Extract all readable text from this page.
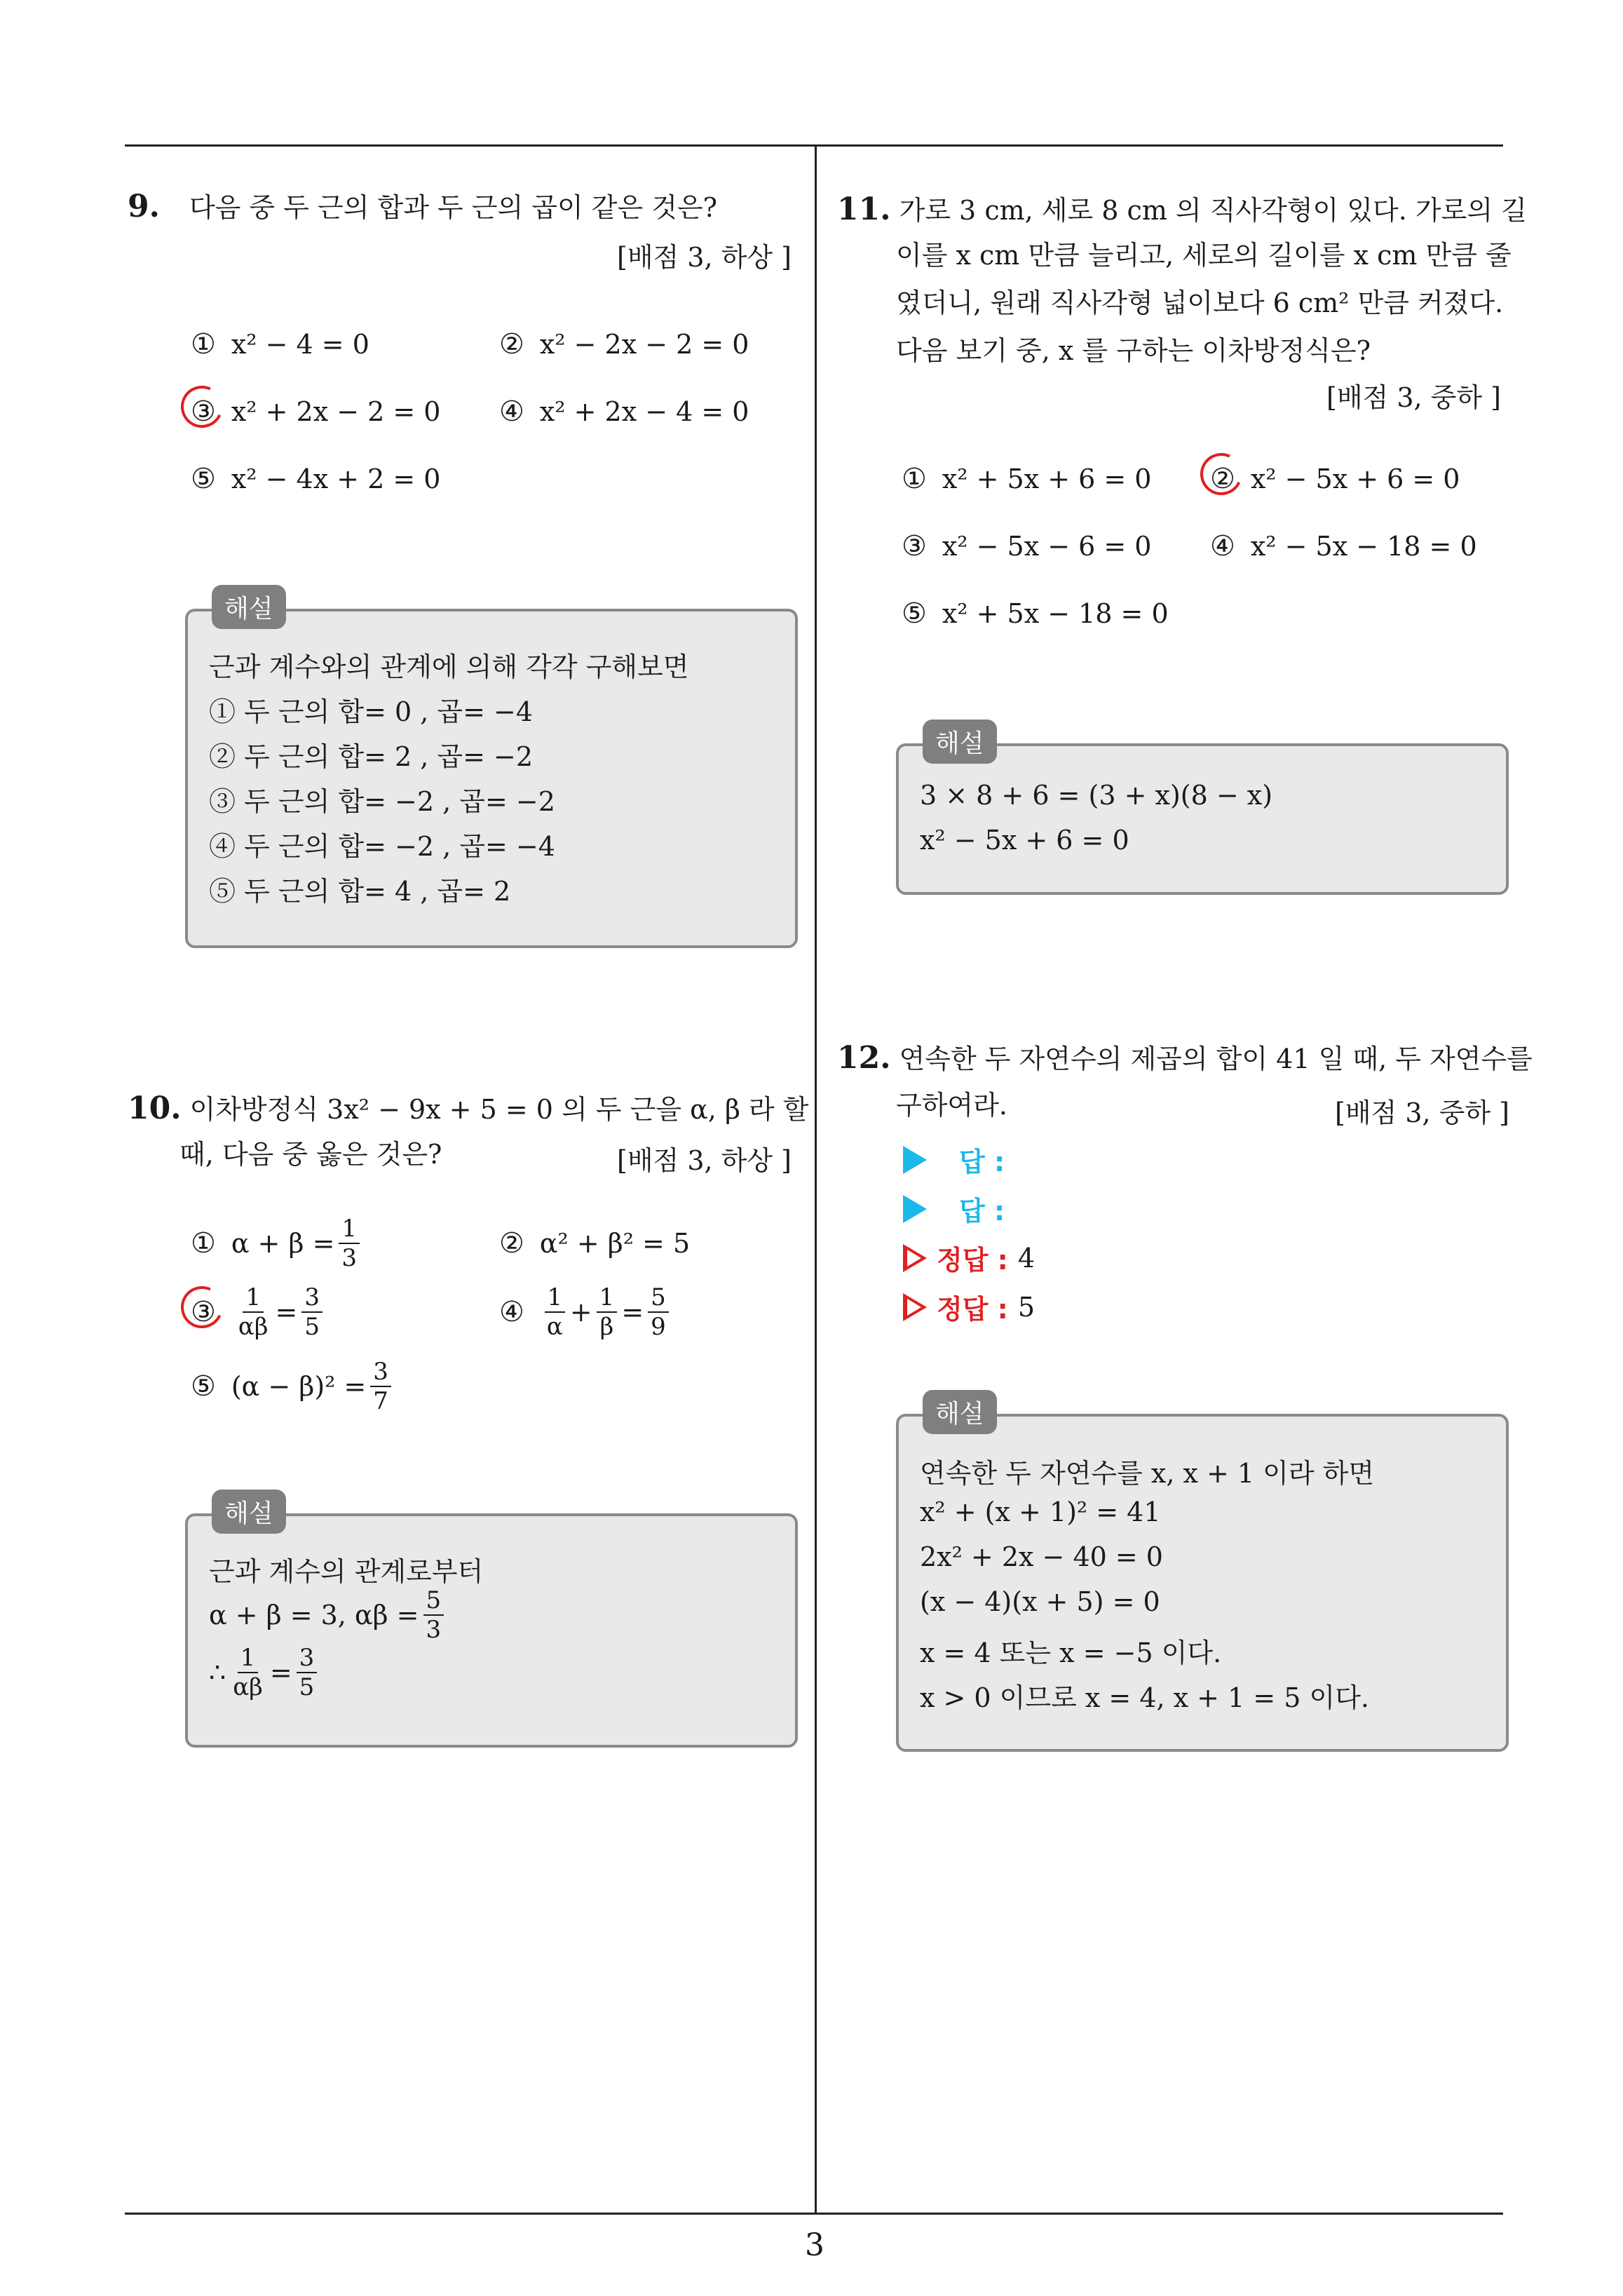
9. 다음 중 두 근의 합과 두 근의 곱이 같은 것은?
[배점 3, 하상 ]
① x² − 4 = 0	② x² − 2x − 2 = 0
③ x² + 2x − 2 = 0 ④ x² + 2x − 4 = 0
⑤ x² − 4x + 2 = 0
해설
근과 계수와의 관계에 의해 각각 구해보면
① 두 근의 합= 0 , 곱= −4
② 두 근의 합= 2 , 곱= −2
③ 두 근의 합= −2 , 곱= −2
④ 두 근의 합= −2 , 곱= −4
⑤ 두 근의 합= 4 , 곱= 2
10. 이차방정식 3x² − 9x + 5 = 0 의 두 근을 α, β 라 할
때, 다음 중 옳은 것은?	[배점 3, 하상 ]
① $\alpha + \beta = \frac{1}{3}$	② α² + β² = 5
③ $\frac{1}{\alpha\beta} = \frac{3}{5}$	④ $\frac{1}{\alpha} + \frac{1}{\beta} = \frac{5}{9}$
⑤ $(\alpha - \beta)^2 = \frac{3}{7}$
해설
근과 계수의 관계로부터
α + β = 3, $\alpha\beta = \frac{5}{3}$
∴ $\frac{1}{\alpha\beta} = \frac{3}{5}$
11. 가로 3 cm, 세로 8 cm 의 직사각형이 있다. 가로의 길
이를 x cm 만큼 늘리고, 세로의 길이를 x cm 만큼 줄
였더니, 원래 직사각형 넓이보다 6 cm² 만큼 커졌다.
다음 보기 중, x 를 구하는 이차방정식은?
[배점 3, 중하 ]
① x² + 5x + 6 = 0 ② x² − 5x + 6 = 0
③ x² − 5x − 6 = 0 ④ x² − 5x − 18 = 0
⑤ x² + 5x − 18 = 0
해설
3 × 8 + 6 = (3 + x)(8 − x)
x² − 5x + 6 = 0
12. 연속한 두 자연수의 제곱의 합이 41 일 때, 두 자연수를
구하여라.	[배점 3, 중하 ]
답 :
답 :
정답 : 4
정답 : 5
해설
연속한 두 자연수를 x, x + 1 이라 하면
x² + (x + 1)² = 41
2x² + 2x − 40 = 0
(x − 4)(x + 5) = 0
x = 4 또는 x = −5 이다.
x > 0 이므로 x = 4, x + 1 = 5 이다.
3
